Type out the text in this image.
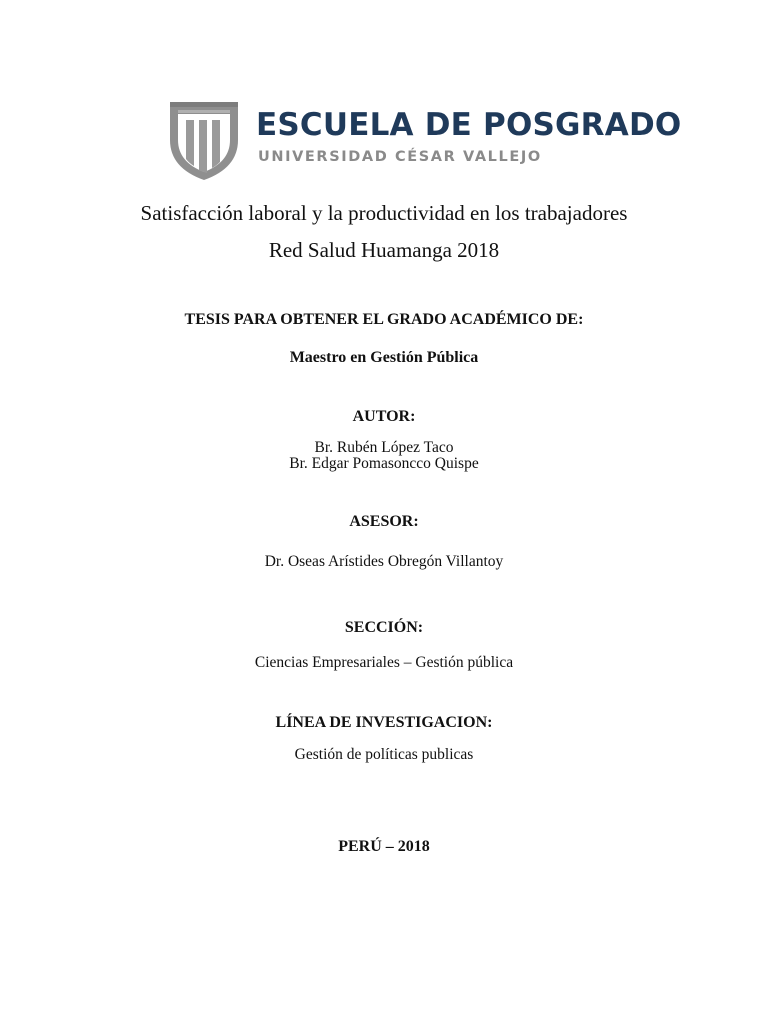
ESCUELA DE POSGRADO
UNIVERSIDAD CÉSAR VALLEJO
Satisfacción laboral y la productividad en los trabajadores
Red Salud Huamanga 2018
TESIS PARA OBTENER EL GRADO ACADÉMICO DE:
Maestro en Gestión Pública
AUTOR:
Br. Rubén López Taco
Br. Edgar Pomasoncco Quispe
ASESOR:
Dr. Oseas Arístides Obregón Villantoy
SECCIÓN:
Ciencias Empresariales – Gestión pública
LÍNEA DE INVESTIGACION:
Gestión de políticas publicas
PERÚ – 2018
